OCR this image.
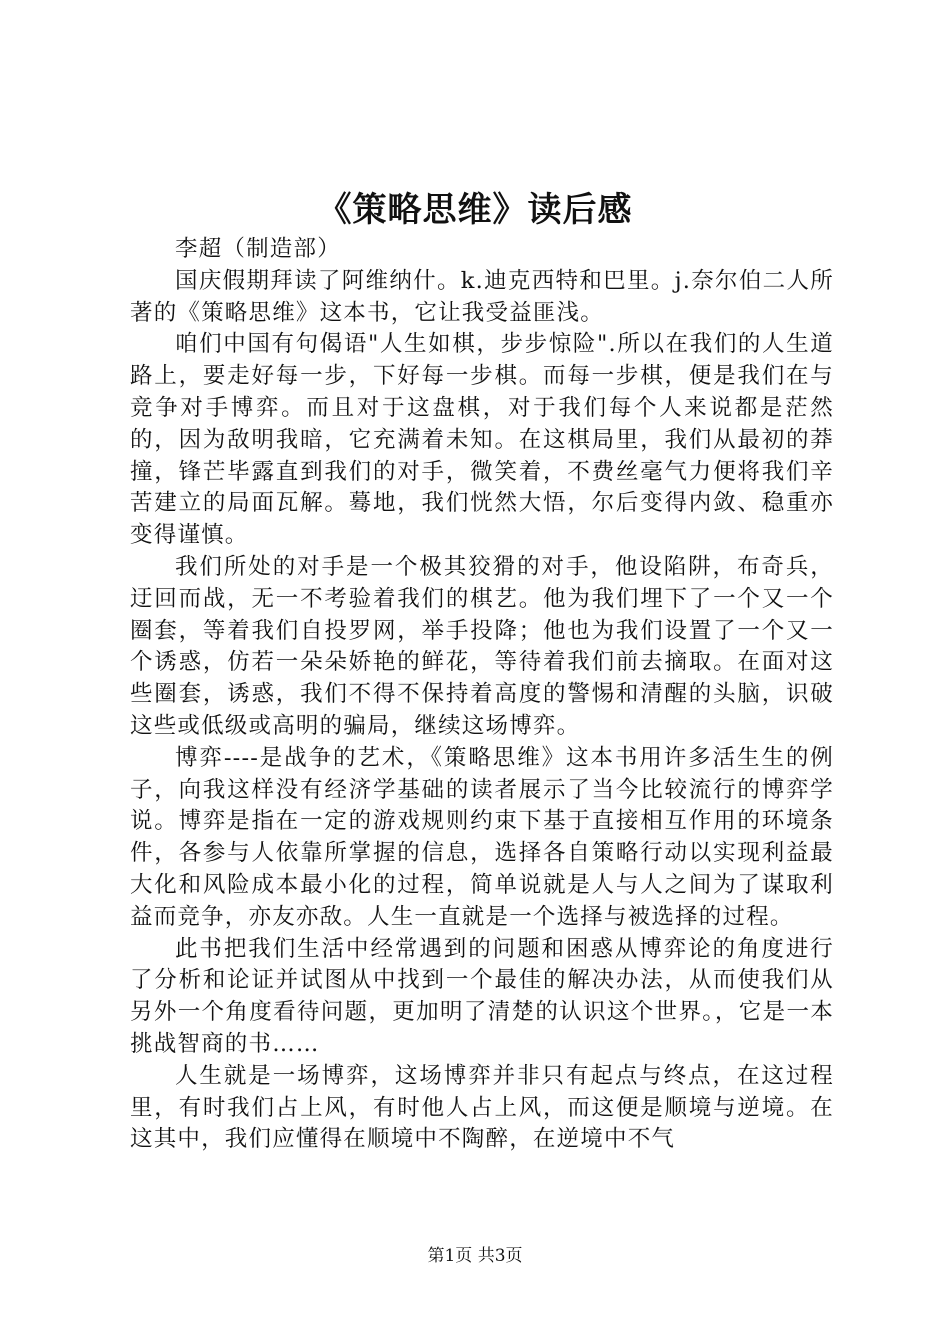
《策略思维》读后感

李超（制造部）

国庆假期拜读了阿维纳什。k.迪克西特和巴里。j.奈尔伯二人所著的《策略思维》这本书，它让我受益匪浅。

咱们中国有句偈语"人生如棋，步步惊险".所以在我们的人生道路上，要走好每一步，下好每一步棋。而每一步棋，便是我们在与竞争对手博弈。而且对于这盘棋，对于我们每个人来说都是茫然的，因为敌明我暗，它充满着未知。在这棋局里，我们从最初的莽撞，锋芒毕露直到我们的对手，微笑着，不费丝毫气力便将我们辛苦建立的局面瓦解。蓦地，我们恍然大悟，尔后变得内敛、稳重亦变得谨慎。

我们所处的对手是一个极其狡猾的对手，他设陷阱，布奇兵，迂回而战，无一不考验着我们的棋艺。他为我们埋下了一个又一个圈套，等着我们自投罗网，举手投降；他也为我们设置了一个又一个诱惑，仿若一朵朵娇艳的鲜花，等待着我们前去摘取。在面对这些圈套，诱惑，我们不得不保持着高度的警惕和清醒的头脑，识破这些或低级或高明的骗局，继续这场博弈。

博弈----是战争的艺术，《策略思维》这本书用许多活生生的例子，向我这样没有经济学基础的读者展示了当今比较流行的博弈学说。博弈是指在一定的游戏规则约束下基于直接相互作用的环境条件，各参与人依靠所掌握的信息，选择各自策略行动以实现利益最大化和风险成本最小化的过程，简单说就是人与人之间为了谋取利益而竞争，亦友亦敌。人生一直就是一个选择与被选择的过程。

此书把我们生活中经常遇到的问题和困惑从博弈论的角度进行了分析和论证并试图从中找到一个最佳的解决办法，从而使我们从另外一个角度看待问题，更加明了清楚的认识这个世界。，它是一本挑战智商的书……

人生就是一场博弈，这场博弈并非只有起点与终点，在这过程里，有时我们占上风，有时他人占上风，而这便是顺境与逆境。在这其中，我们应懂得在顺境中不陶醉，在逆境中不气

第1页 共3页
